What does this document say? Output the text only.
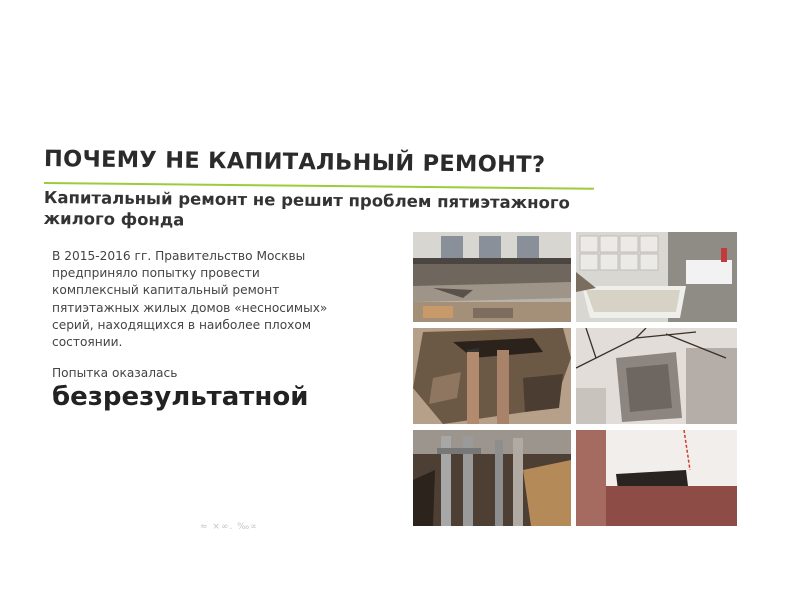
ПОЧЕМУ НЕ КАПИТАЛЬНЫЙ РЕМОНТ?
Капитальный ремонт не решит проблем пятиэтажного
жилого фонда
В 2015-2016 гг. Правительство Москвы
предприняло попытку провести
комплексный капитальный ремонт
пятиэтажных жилых домов «несносимых»
серий, находящихся в наиболее плохом
состоянии.
Попытка оказалась
безрезультатной
≈ ×∞. ‰∝
